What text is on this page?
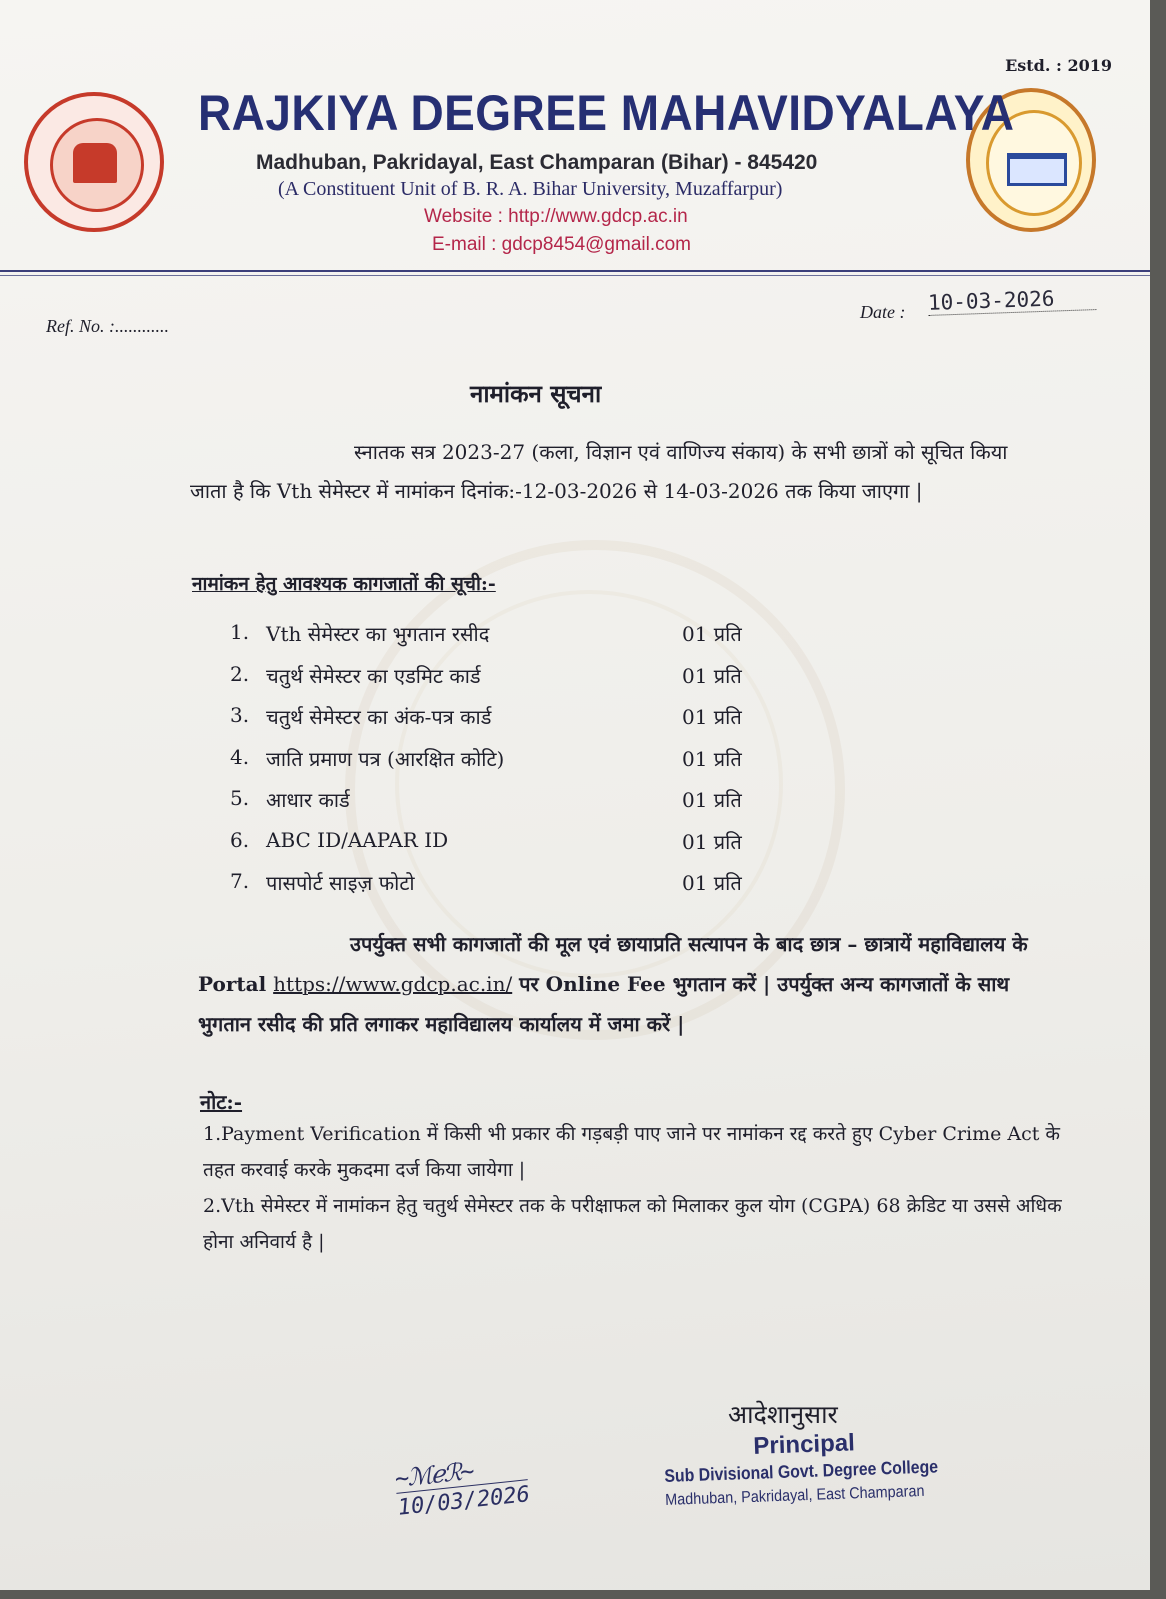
Estd. : 2019
RAJKIYA DEGREE MAHAVIDYALAYA
Madhuban, Pakridayal, East Champaran (Bihar) - 845420
(A Constituent Unit of B. R. A. Bihar University, Muzaffarpur)
Website : http://www.gdcp.ac.in
E-mail : gdcp8454@gmail.com
Ref. No. :............
Date : 10-03-2026
नामांकन सूचना
स्नातक सत्र 2023-27 (कला, विज्ञान एवं वाणिज्य संकाय) के सभी छात्रों को सूचित किया जाता है कि Vth सेमेस्टर में नामांकन दिनांक:-12-03-2026 से 14-03-2026 तक किया जाएगा |
नामांकन हेतु आवश्यक कागजातों की सूची:-
1. Vth सेमेस्टर का भुगतान रसीद	01 प्रति
2. चतुर्थ सेमेस्टर का एडमिट कार्ड	01 प्रति
3. चतुर्थ सेमेस्टर का अंक-पत्र कार्ड	01 प्रति
4. जाति प्रमाण पत्र (आरक्षित कोटि)	01 प्रति
5. आधार कार्ड	01 प्रति
6. ABC ID/AAPAR ID	01 प्रति
7. पासपोर्ट साइज़ फोटो	01 प्रति
उपर्युक्त सभी कागजातों की मूल एवं छायाप्रति सत्यापन के बाद छात्र – छात्रायें महाविद्यालय के Portal https://www.gdcp.ac.in/ पर Online Fee भुगतान करें | उपर्युक्त अन्य कागजातों के साथ भुगतान रसीद की प्रति लगाकर महाविद्यालय कार्यालय में जमा करें |
नोट:-
1.Payment Verification में किसी भी प्रकार की गड़बड़ी पाए जाने पर नामांकन रद्द करते हुए Cyber Crime Act के तहत करवाई करके मुकदमा दर्ज किया जायेगा |
2.Vth सेमेस्टर में नामांकन हेतु चतुर्थ सेमेस्टर तक के परीक्षाफल को मिलाकर कुल योग (CGPA) 68 क्रेडिट या उससे अधिक होना अनिवार्य है |
आदेशानुसार
Principal
Sub Divisional Govt. Degree College
Madhuban, Pakridayal, East Champaran
~ℳℯℛ~
10/03/2026
